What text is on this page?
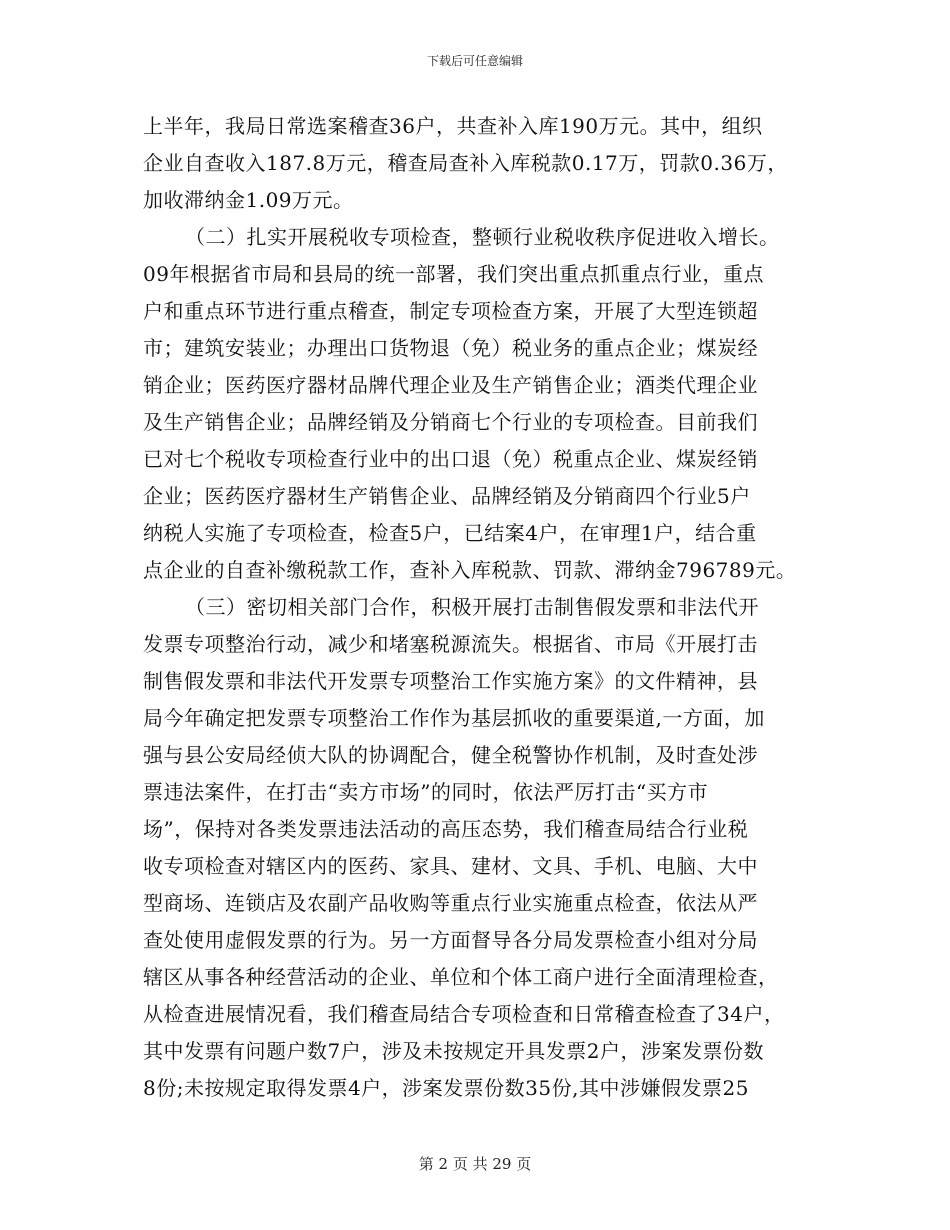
下载后可任意编辑
上半年，我局日常选案稽查36户，共查补入库190万元。其中，组织
企业自查收入187.8万元，稽查局查补入库税款0.17万，罚款0.36万，
加收滞纳金1.09万元。
（二）扎实开展税收专项检查，整顿行业税收秩序促进收入增长。
09年根据省市局和县局的统一部署，我们突出重点抓重点行业，重点
户和重点环节进行重点稽查，制定专项检查方案，开展了大型连锁超
市；建筑安装业；办理出口货物退（免）税业务的重点企业；煤炭经
销企业；医药医疗器材品牌代理企业及生产销售企业；酒类代理企业
及生产销售企业；品牌经销及分销商七个行业的专项检查。目前我们
已对七个税收专项检查行业中的出口退（免）税重点企业、煤炭经销
企业；医药医疗器材生产销售企业、品牌经销及分销商四个行业5户
纳税人实施了专项检查，检查5户，已结案4户，在审理1户，结合重
点企业的自查补缴税款工作，查补入库税款、罚款、滞纳金796789元。
（三）密切相关部门合作，积极开展打击制售假发票和非法代开
发票专项整治行动，减少和堵塞税源流失。根据省、市局《开展打击
制售假发票和非法代开发票专项整治工作实施方案》的文件精神，县
局今年确定把发票专项整治工作作为基层抓收的重要渠道,一方面，加
强与县公安局经侦大队的协调配合，健全税警协作机制，及时查处涉
票违法案件，在打击“卖方市场”的同时，依法严厉打击“买方市
场”，保持对各类发票违法活动的高压态势，我们稽查局结合行业税
收专项检查对辖区内的医药、家具、建材、文具、手机、电脑、大中
型商场、连锁店及农副产品收购等重点行业实施重点检查，依法从严
查处使用虚假发票的行为。另一方面督导各分局发票检查小组对分局
辖区从事各种经营活动的企业、单位和个体工商户进行全面清理检查，
从检查进展情况看，我们稽查局结合专项检查和日常稽查检查了34户，
其中发票有问题户数7户，涉及未按规定开具发票2户，涉案发票份数
8份;未按规定取得发票4户，涉案发票份数35份,其中涉嫌假发票25
第 2 页 共 29 页
